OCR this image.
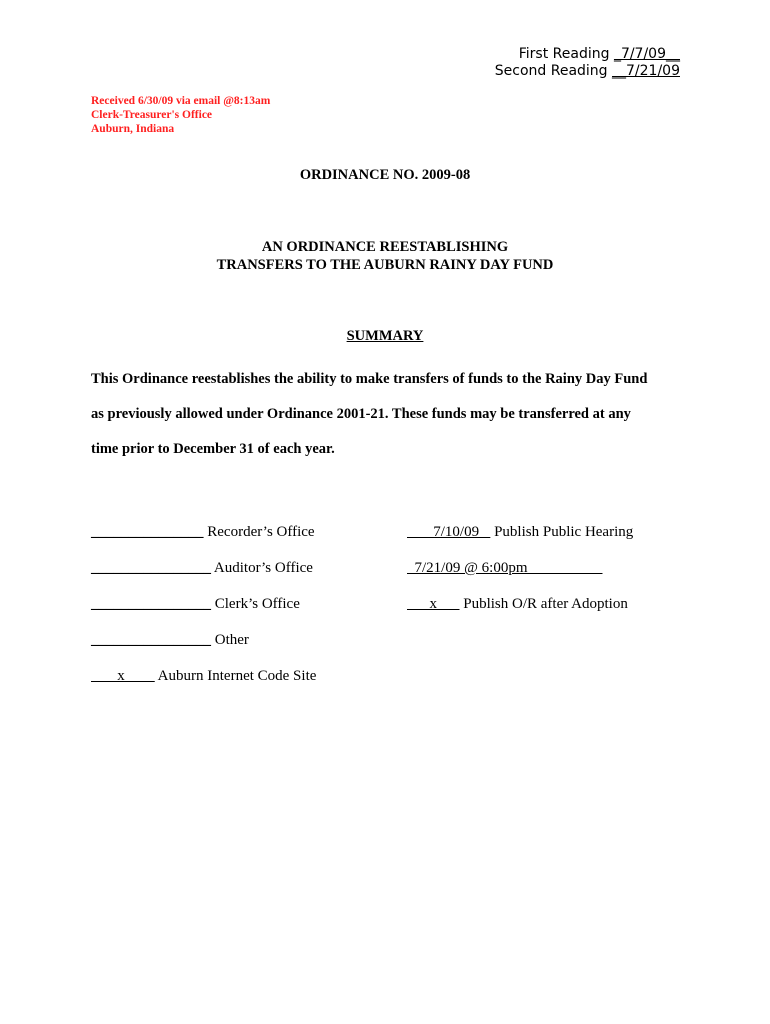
First Reading _7/7/09__
Second Reading __7/21/09
Received 6/30/09 via email @8:13am
Clerk-Treasurer's Office
Auburn, Indiana
ORDINANCE NO. 2009-08
AN ORDINANCE REESTABLISHING
TRANSFERS TO THE AUBURN RAINY DAY FUND
SUMMARY
This Ordinance reestablishes the ability to make transfers of funds to the Rainy Day Fund
as previously allowed under Ordinance 2001-21. These funds may be transferred at any
time prior to December 31 of each year.
_______________ Recorder’s Office
________________ Auditor’s Office
________________ Clerk’s Office
________________ Other
x         Auburn Internet Code Site
7/10/09    Publish Public Hearing
7/21/09 @ 6:00pm
x       Publish O/R after Adoption
